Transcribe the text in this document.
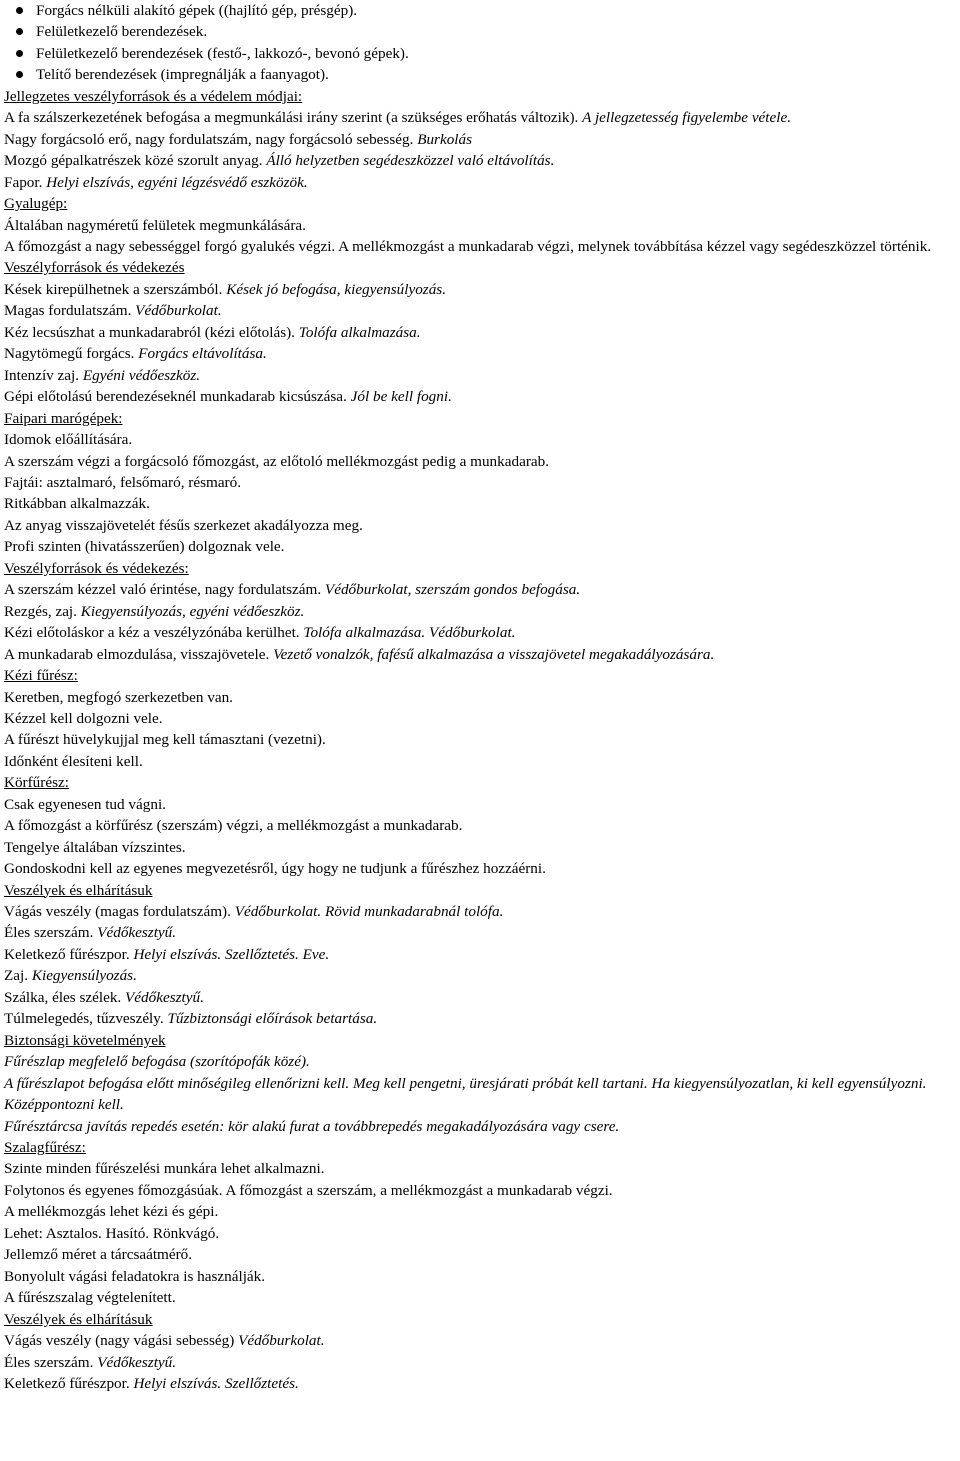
Forgács nélküli alakító gépek ((hajlító gép, présgép).
Felületkezelő berendezések.
Felületkezelő berendezések (festő-, lakkozó-, bevonó gépek).
Telítő berendezések (impregnálják a faanyagot).
Jellegzetes veszélyforrások és a védelem módjai:
A fa szálszerkezetének befogása a megmunkálási irány szerint (a szükséges erőhatás változik). A jellegzetesség figyelembe vétele.
Nagy forgácsoló erő, nagy fordulatszám, nagy forgácsoló sebesség. Burkolás
Mozgó gépalkatrészek közé szorult anyag. Álló helyzetben segédeszközzel való eltávolítás.
Fapor. Helyi elszívás, egyéni légzésvédő eszközök.
Gyalugép:
Általában nagyméretű felületek megmunkálására.
A főmozgást a nagy sebességgel forgó gyalukés végzi. A mellékmozgást a munkadarab végzi, melynek továbbítása kézzel vagy segédeszközzel történik.
Veszélyforrások és védekezés
Kések kirepülhetnek a szerszámból. Kések jó befogása, kiegyensúlyozás.
Magas fordulatszám. Védőburkolat.
Kéz lecsúszhat a munkadarabról (kézi előtolás). Tolófa alkalmazása.
Nagytömegű forgács. Forgács eltávolítása.
Intenzív zaj. Egyéni védőeszköz.
Gépi előtolású berendezéseknél munkadarab kicsúszása. Jól be kell fogni.
Faipari marógépek:
Idomok előállítására.
A szerszám végzi a forgácsoló főmozgást, az előtoló mellékmozgást pedig a munkadarab.
Fajtái: asztalmaró, felsőmaró, résmaró.
Ritkábban alkalmazzák.
Az anyag visszajövetelét fésűs szerkezet akadályozza meg.
Profi szinten (hivatásszerűen) dolgoznak vele.
Veszélyforrások és védekezés:
A szerszám kézzel való érintése, nagy fordulatszám. Védőburkolat, szerszám gondos befogása.
Rezgés, zaj. Kiegyensúlyozás, egyéni védőeszköz.
Kézi előtoláskor a kéz a veszélyzónába kerülhet. Tolófa alkalmazása. Védőburkolat.
A munkadarab elmozdulása, visszajövetele. Vezető vonalzók, fafésű alkalmazása a visszajövetel megakadályozására.
Kézi fűrész:
Keretben, megfogó szerkezetben van.
Kézzel kell dolgozni vele.
A fűrészt hüvelykujjal meg kell támasztani (vezetni).
Időnként élesíteni kell.
Körfűrész:
Csak egyenesen tud vágni.
A főmozgást a körfűrész (szerszám) végzi, a mellékmozgást a munkadarab.
Tengelye általában vízszintes.
Gondoskodni kell az egyenes megvezetésről, úgy hogy ne tudjunk a fűrészhez hozzáérni.
Veszélyek és elhárításuk
Vágás veszély (magas fordulatszám). Védőburkolat. Rövid munkadarabnál tolófa.
Éles szerszám. Védőkesztyű.
Keletkező fűrészpor. Helyi elszívás. Szellőztetés. Eve.
Zaj. Kiegyensúlyozás.
Szálka, éles szélek. Védőkesztyű.
Túlmelegedés, tűzveszély. Tűzbiztonsági előírások betartása.
Biztonsági követelmények
Fűrészlap megfelelő befogása (szorítópofák közé).
A fűrészlapot befogása előtt minőségileg ellenőrizni kell. Meg kell pengetni, üresjárati próbát kell tartani. Ha kiegyensúlyozatlan, ki kell egyensúlyozni.
Középpontozni kell.
Fűrésztárcsa javítás repedés esetén: kör alakú furat a továbbrepedés megakadályozására vagy csere.
Szalagfűrész:
Szinte minden fűrészelési munkára lehet alkalmazni.
Folytonos és egyenes főmozgásúak. A főmozgást a szerszám, a mellékmozgást a munkadarab végzi.
A mellékmozgás lehet kézi és gépi.
Lehet: Asztalos. Hasító. Rönkvágó.
Jellemző méret a tárcsaátmérő.
Bonyolult vágási feladatokra is használják.
A fűrészszalag végtelenített.
Veszélyek és elhárításuk
Vágás veszély (nagy vágási sebesség) Védőburkolat.
Éles szerszám. Védőkesztyű.
Keletkező fűrészpor. Helyi elszívás. Szellőztetés.
